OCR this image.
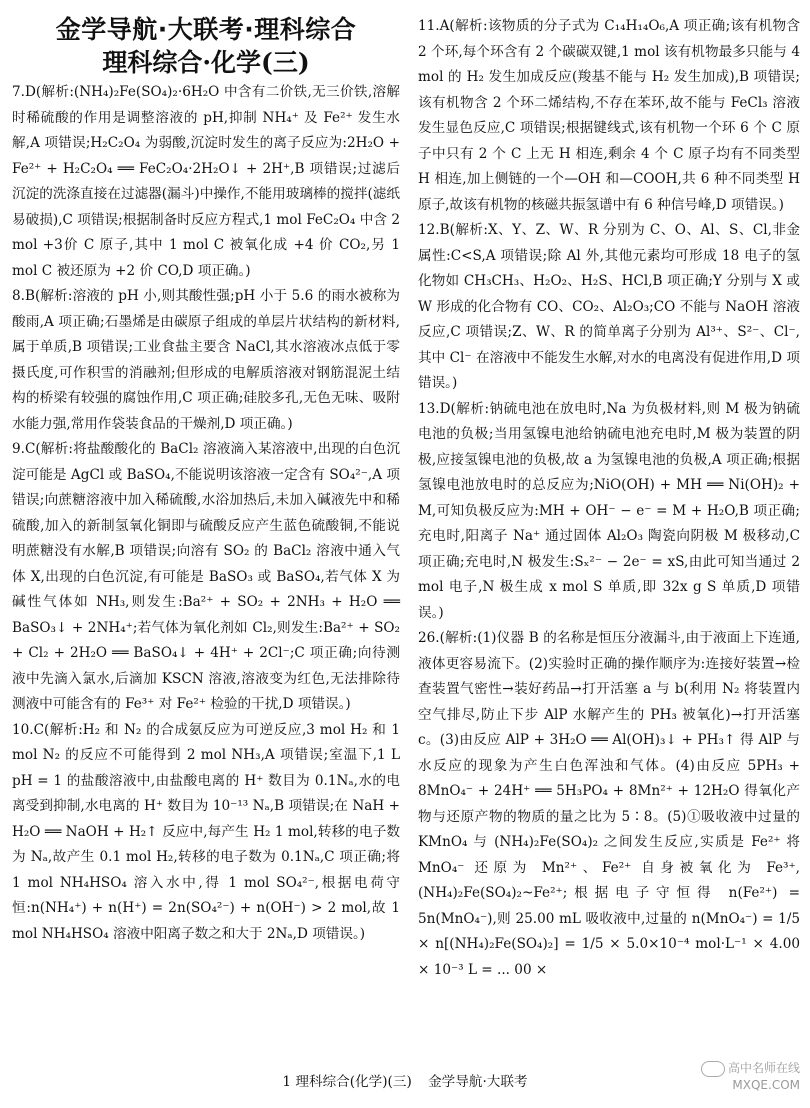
金学导航·大联考·理科综合

理科综合·化学(三)

7.D(解析:(NH₄)₂Fe(SO₄)₂·6H₂O 中含有二价铁,无三价铁,溶解时稀硫酸的作用是调整溶液的 pH,抑制 NH₄⁺ 及 Fe²⁺ 发生水解,A 项错误;H₂C₂O₄ 为弱酸,沉淀时发生的离子反应为:2H₂O + Fe²⁺ + H₂C₂O₄ ══ FeC₂O₄·2H₂O↓ + 2H⁺,B 项错误;过滤后沉淀的洗涤直接在过滤器(漏斗)中操作,不能用玻璃棒的搅拌(滤纸易破损),C 项错误;根据制备时反应方程式,1 mol FeC₂O₄ 中含 2 mol +3价 C 原子,其中 1 mol C 被氧化成 +4 价 CO₂,另 1 mol C 被还原为 +2 价 CO,D 项正确。)

8.B(解析:溶液的 pH 小,则其酸性强;pH 小于 5.6 的雨水被称为酸雨,A 项正确;石墨烯是由碳原子组成的单层片状结构的新材料,属于单质,B 项错误;工业食盐主要含 NaCl,其水溶液冰点低于零摄氏度,可作积雪的消融剂;但形成的电解质溶液对钢筋混泥土结构的桥梁有较强的腐蚀作用,C 项正确;硅胶多孔,无色无味、吸附水能力强,常用作袋装食品的干燥剂,D 项正确。)

9.C(解析:将盐酸酸化的 BaCl₂ 溶液滴入某溶液中,出现的白色沉淀可能是 AgCl 或 BaSO₄,不能说明该溶液一定含有 SO₄²⁻,A 项错误;向蔗糖溶液中加入稀硫酸,水浴加热后,未加入碱液先中和稀硫酸,加入的新制氢氧化铜即与硫酸反应产生蓝色硫酸铜,不能说明蔗糖没有水解,B 项错误;向溶有 SO₂ 的 BaCl₂ 溶液中通入气体 X,出现的白色沉淀,有可能是 BaSO₃ 或 BaSO₄,若气体 X 为碱性气体如 NH₃,则发生:Ba²⁺ + SO₂ + 2NH₃ + H₂O ══ BaSO₃↓ + 2NH₄⁺;若气体为氧化剂如 Cl₂,则发生:Ba²⁺ + SO₂ + Cl₂ + 2H₂O ══ BaSO₄↓ + 4H⁺ + 2Cl⁻;C 项正确;向待测液中先滴入氯水,后滴加 KSCN 溶液,溶液变为红色,无法排除待测液中可能含有的 Fe³⁺ 对 Fe²⁺ 检验的干扰,D 项错误。)

10.C(解析:H₂ 和 N₂ 的合成氨反应为可逆反应,3 mol H₂ 和 1 mol N₂ 的反应不可能得到 2 mol NH₃,A 项错误;室温下,1 L pH = 1 的盐酸溶液中,由盐酸电离的 H⁺ 数目为 0.1Nₐ,水的电离受到抑制,水电离的 H⁺ 数目为 10⁻¹³ Nₐ,B 项错误;在 NaH + H₂O ══ NaOH + H₂↑ 反应中,每产生 H₂ 1 mol,转移的电子数为 Nₐ,故产生 0.1 mol H₂,转移的电子数为 0.1Nₐ,C 项正确;将 1 mol NH₄HSO₄ 溶入水中,得 1 mol SO₄²⁻,根据电荷守恒:n(NH₄⁺) + n(H⁺) = 2n(SO₄²⁻) + n(OH⁻) > 2 mol,故 1 mol NH₄HSO₄ 溶液中阳离子数之和大于 2Nₐ,D 项错误。)

11.A(解析:该物质的分子式为 C₁₄H₁₄O₆,A 项正确;该有机物含 2 个环,每个环含有 2 个碳碳双键,1 mol 该有机物最多只能与 4 mol 的 H₂ 发生加成反应(羧基不能与 H₂ 发生加成),B 项错误;该有机物含 2 个环二烯结构,不存在苯环,故不能与 FeCl₃ 溶液发生显色反应,C 项错误;根据键线式,该有机物一个环 6 个 C 原子中只有 2 个 C 上无 H 相连,剩余 4 个 C 原子均有不同类型 H 相连,加上侧链的一个—OH 和—COOH,共 6 种不同类型 H 原子,故该有机物的核磁共振氢谱中有 6 种信号峰,D 项错误。)

12.B(解析:X、Y、Z、W、R 分别为 C、O、Al、S、Cl,非金属性:C<S,A 项错误;除 Al 外,其他元素均可形成 18 电子的氢化物如 CH₃CH₃、H₂O₂、H₂S、HCl,B 项正确;Y 分别与 X 或 W 形成的化合物有 CO、CO₂、Al₂O₃;CO 不能与 NaOH 溶液反应,C 项错误;Z、W、R 的简单离子分别为 Al³⁺、S²⁻、Cl⁻,其中 Cl⁻ 在溶液中不能发生水解,对水的电离没有促进作用,D 项错误。)

13.D(解析:钠硫电池在放电时,Na 为负极材料,则 M 极为钠硫电池的负极;当用氢镍电池给钠硫电池充电时,M 极为装置的阴极,应接氢镍电池的负极,故 a 为氢镍电池的负极,A 项正确;根据氢镍电池放电时的总反应为;NiO(OH) + MH ══ Ni(OH)₂ + M,可知负极反应为:MH + OH⁻ − e⁻ = M + H₂O,B 项正确;充电时,阳离子 Na⁺ 通过固体 Al₂O₃ 陶瓷向阴极 M 极移动,C 项正确;充电时,N 极发生:Sₓ²⁻ − 2e⁻ = xS,由此可知当通过 2 mol 电子,N 极生成 x mol S 单质,即 32x g S 单质,D 项错误。)

26.(解析:(1)仪器 B 的名称是恒压分液漏斗,由于液面上下连通,液体更容易流下。(2)实验时正确的操作顺序为:连接好装置→检查装置气密性→装好药品→打开活塞 a 与 b(利用 N₂ 将装置内空气排尽,防止下步 AlP 水解产生的 PH₃ 被氧化)→打开活塞 c。(3)由反应 AlP + 3H₂O ══ Al(OH)₃↓ + PH₃↑ 得 AlP 与水反应的现象为产生白色浑浊和气体。(4)由反应 5PH₃ + 8MnO₄⁻ + 24H⁺ ══ 5H₃PO₄ + 8Mn²⁺ + 12H₂O 得氧化产物与还原产物的物质的量之比为 5∶8。(5)①吸收液中过量的 KMnO₄ 与 (NH₄)₂Fe(SO₄)₂ 之间发生反应,实质是 Fe²⁺ 将 MnO₄⁻ 还原为 Mn²⁺、Fe²⁺ 自身被氧化为 Fe³⁺,(NH₄)₂Fe(SO₄)₂~Fe²⁺;根据电子守恒得 n(Fe²⁺) = 5n(MnO₄⁻),则 25.00 mL 吸收液中,过量的 n(MnO₄⁻) = 1/5 × n[(NH₄)₂Fe(SO₄)₂] = 1/5 × 5.0×10⁻⁴ mol·L⁻¹ × 4.00 × 10⁻³ L = ... 00 ×

1 理科综合(化学)(三) 金学导航·大联考
高中名师在线
MXQE.COM
